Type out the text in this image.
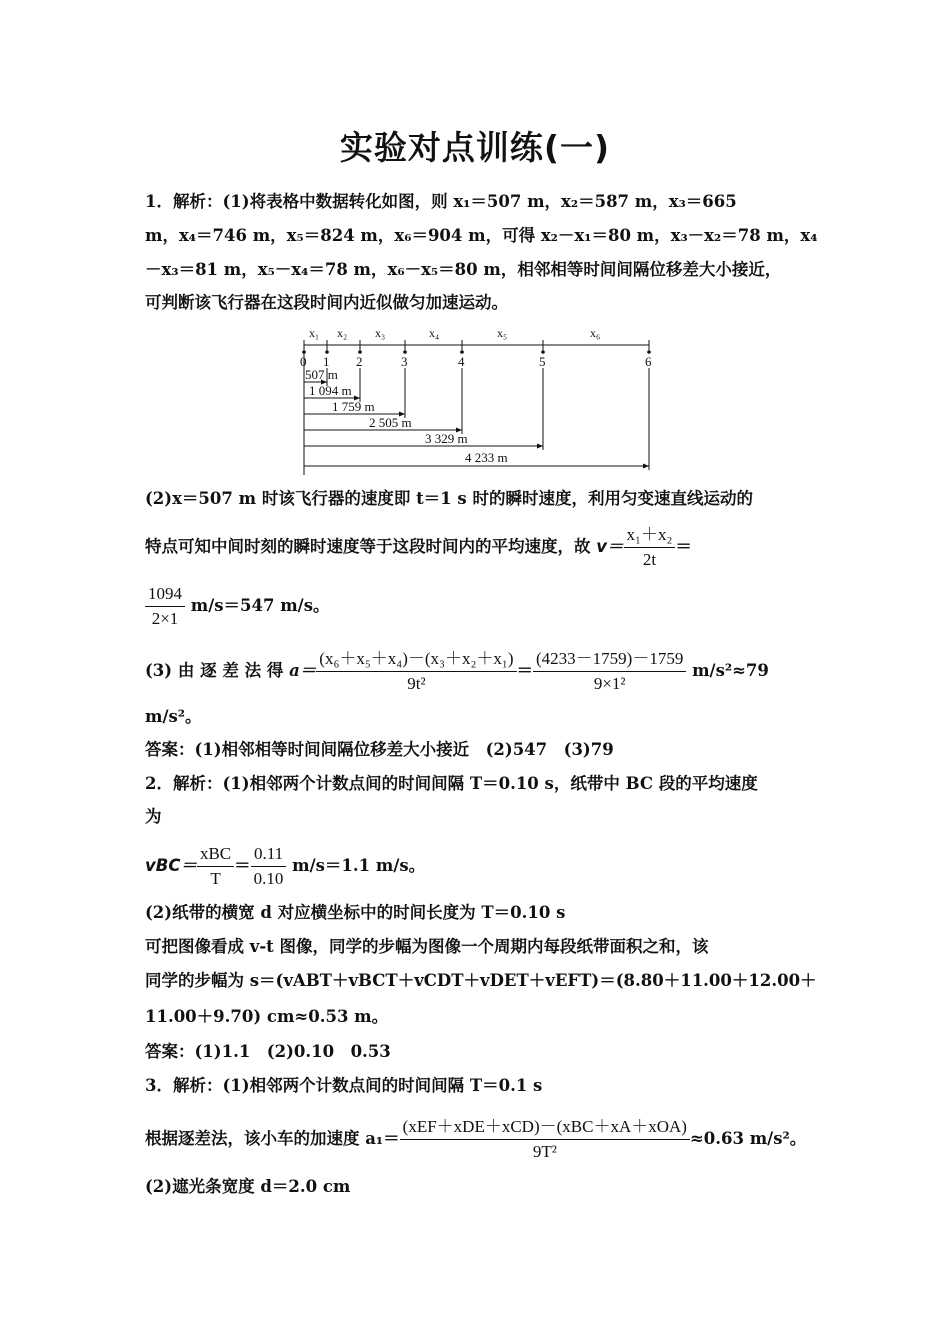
实验对点训练(一)
1．解析：(1)将表格中数据转化如图，则 x₁＝507 m，x₂＝587 m，x₃＝665
m，x₄＝746 m，x₅＝824 m，x₆＝904 m，可得 x₂－x₁＝80 m，x₃－x₂＝78 m，x₄
－x₃＝81 m，x₅－x₄＝78 m，x₆－x₅＝80 m，相邻相等时间间隔位移差大小接近，
可判断该飞行器在这段时间内近似做匀加速运动。
x₁ x₂ x₃	x₄	x₅	x₆
0 1 2	3	4	5	6
507 m
1 094 m
1 759 m
2 505 m
3 329 m
4 233 m
(2)x＝507 m 时该飞行器的速度即 t＝1 s 时的瞬时速度，利用匀变速直线运动的
特点可知中间时刻的瞬时速度等于这段时间内的平均速度，故 $v= \frac{\text{x₁＋x₂}}{2t}$ ＝
$\frac{1094}{2\times 1} m/s=547$ m/s。
(3) 由 逐 差 法 得 $a= \frac{\text{(x₆＋x₅＋x₄)－(x₃＋x₂＋x₁)}}{\text{9t²}} = \frac{(4233-1759)-1759}{\text{9×1²}} m/s^2\approx 79$
m/s²。
答案：(1)相邻相等时间间隔位移差大小接近　(2)547　(3)79
2．解析：(1)相邻两个计数点间的时间间隔 T＝0.10 s，纸带中 BC 段的平均速度
为
$vBC= \frac{\text{xBC}}{T} = \frac{0.11}{0.10} m/s=1.1$ m/s。
(2)纸带的横宽 d 对应横坐标中的时间长度为 T＝0.10 s
可把图像看成 v-t 图像，同学的步幅为图像一个周期内每段纸带面积之和，该
同学的步幅为 s＝(vABT＋vBCT＋vCDT＋vDET＋vEFT)＝(8.80＋11.00＋12.00＋
11.00＋9.70) cm≈0.53 m。
答案：(1)1.1　(2)0.10　0.53
3．解析：(1)相邻两个计数点间的时间间隔 T＝0.1 s
根据逐差法，该小车的加速度 $a_1= \frac{\text{(xEF＋xDE＋xCD)－(xBC＋xA＋xOA)}}{\text{9T²}} \approx 0.63$ m/s²。
(2)遮光条宽度 d＝2.0 cm
